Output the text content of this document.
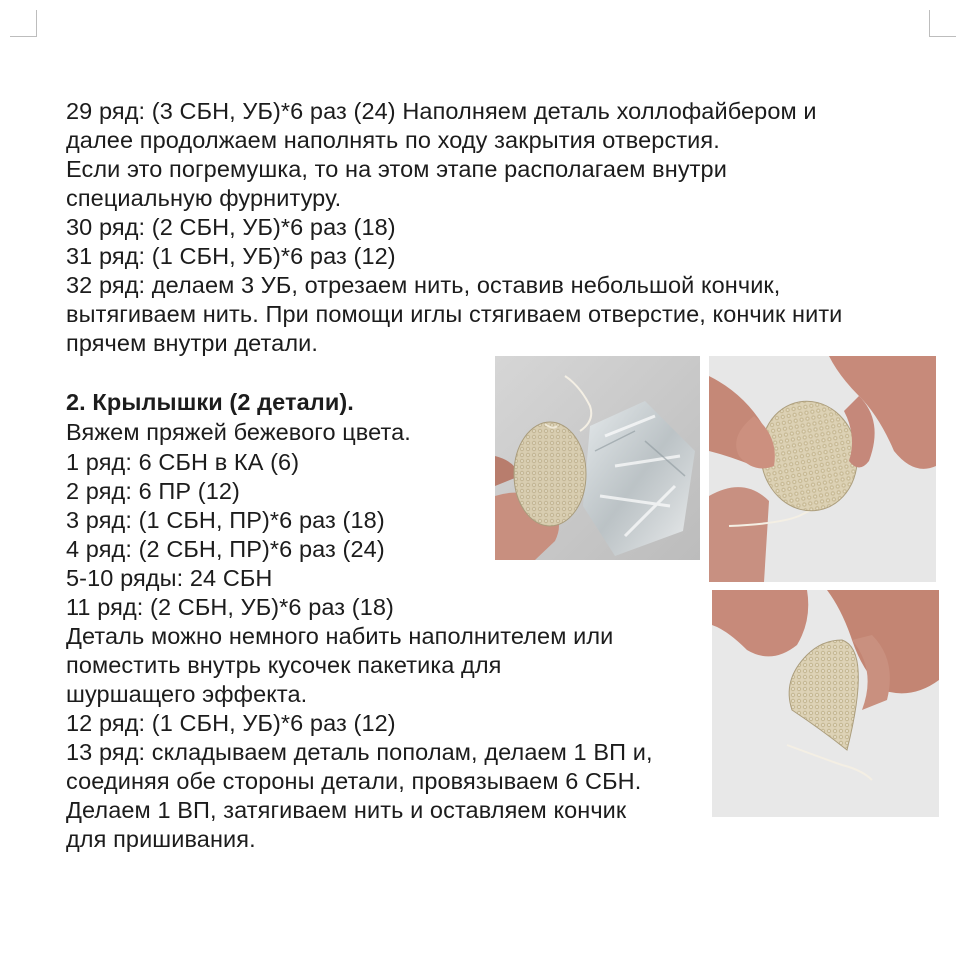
29 ряд: (3 СБН, УБ)*6 раз (24) Наполняем деталь холлофайбером и
далее продолжаем наполнять по ходу закрытия отверстия.
Если это погремушка, то на этом этапе располагаем внутри
специальную фурнитуру.
30 ряд: (2 СБН, УБ)*6 раз (18)
31 ряд: (1 СБН, УБ)*6 раз (12)
32 ряд: делаем 3 УБ, отрезаем нить, оставив небольшой кончик,
вытягиваем нить. При помощи иглы стягиваем отверстие, кончик нити
прячем внутри детали.
2. Крылышки (2 детали).
Вяжем пряжей бежевого цвета.
1 ряд: 6 СБН в КА (6)
2 ряд: 6 ПР (12)
3 ряд: (1 СБН, ПР)*6 раз (18)
4 ряд: (2 СБН, ПР)*6 раз (24)
5-10 ряды: 24 СБН
11 ряд: (2 СБН, УБ)*6 раз (18)
Деталь можно немного набить наполнителем или
поместить внутрь кусочек пакетика для
шуршащего эффекта.
12 ряд: (1 СБН, УБ)*6 раз (12)
13 ряд: складываем деталь пополам, делаем 1 ВП и,
соединяя обе стороны детали, провязываем 6 СБН.
Делаем 1 ВП, затягиваем нить и оставляем кончик
для пришивания.
